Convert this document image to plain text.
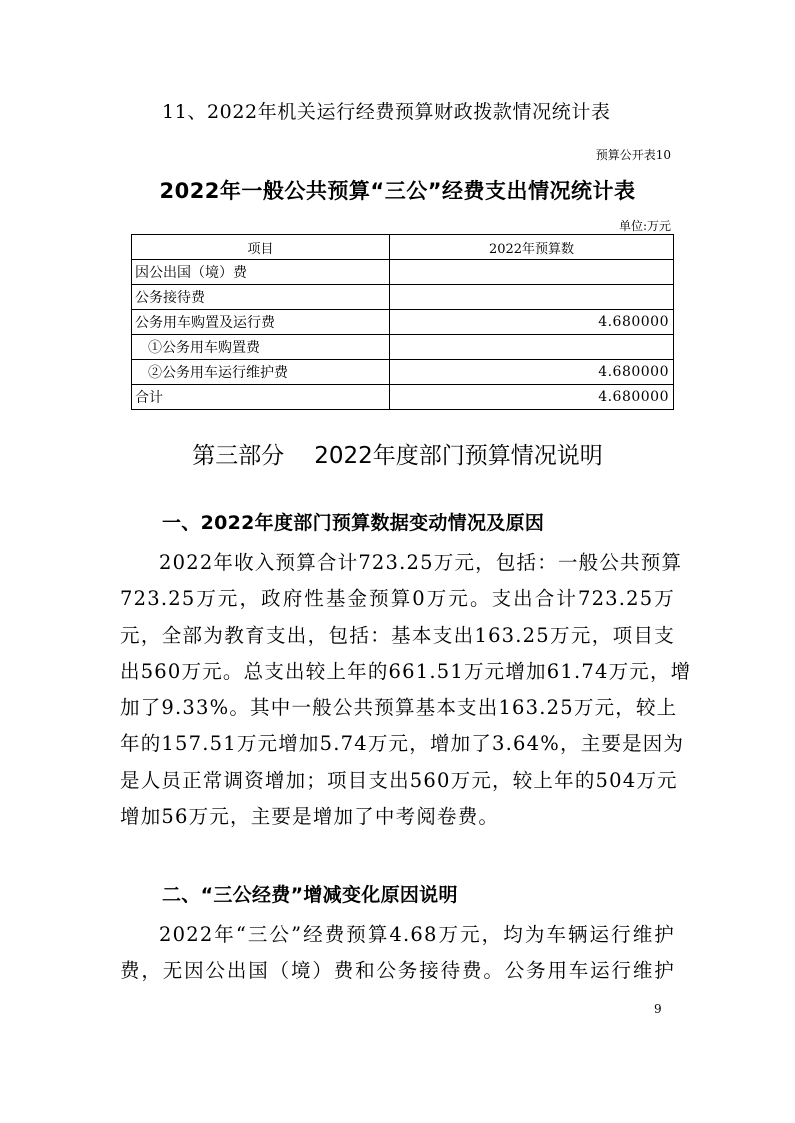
11、2022年机关运行经费预算财政拨款情况统计表
预算公开表10
2022年一般公共预算“三公”经费支出情况统计表
单位:万元
项目	2022年预算数
因公出国（境）费	
公务接待费	
公务用车购置及运行费	4.680000
①公务用车购置费	
②公务用车运行维护费	4.680000
合计	4.680000
第三部分 2022年度部门预算情况说明
一、2022年度部门预算数据变动情况及原因
2022年收入预算合计723.25万元，包括：一般公共预算
723.25万元，政府性基金预算0万元。支出合计723.25万
元，全部为教育支出，包括：基本支出163.25万元，项目支
出560万元。总支出较上年的661.51万元增加61.74万元，增
加了9.33%。其中一般公共预算基本支出163.25万元，较上
年的157.51万元增加5.74万元，增加了3.64%，主要是因为
是人员正常调资增加；项目支出560万元，较上年的504万元
增加56万元，主要是增加了中考阅卷费。
二、“三公经费”增减变化原因说明
2022年“三公”经费预算4.68万元，均为车辆运行维护
费，无因公出国（境）费和公务接待费。公务用车运行维护
9
